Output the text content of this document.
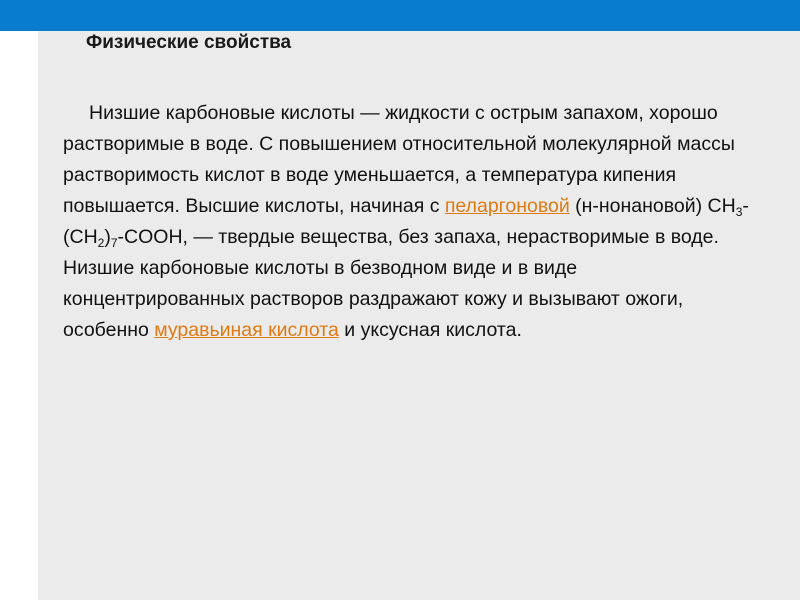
Физические свойства

Низшие карбоновые кислоты — жидкости с острым запахом, хорошо растворимые в воде. С повышением относительной молекулярной массы растворимость кислот в воде уменьшается, а температура кипения повышается. Высшие кислоты, начиная с пеларгоновой (н-нонановой) $CH_3-(CH_2)_7$-COOH, — твердые вещества, без запаха, нерастворимые в воде. Низшие карбоновые кислоты в безводном виде и в виде концентрированных растворов раздражают кожу и вызывают ожоги, особенно муравьиная кислота и уксусная кислота.
